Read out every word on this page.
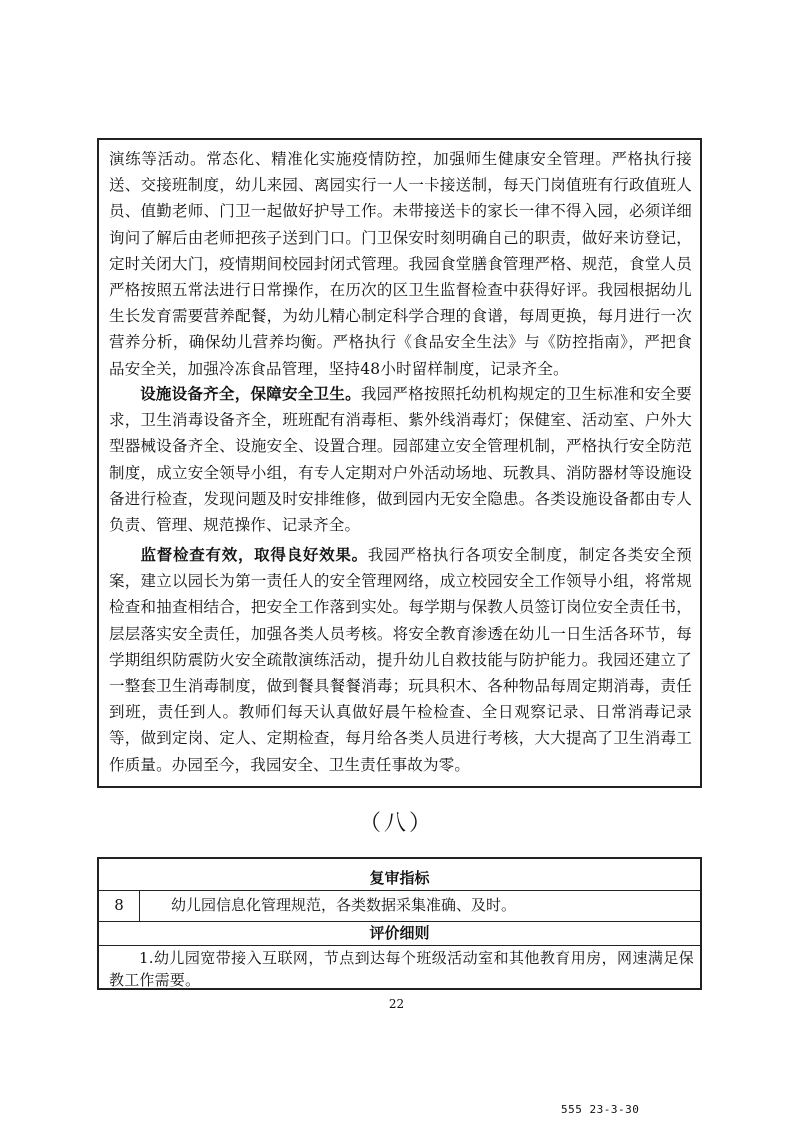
演练等活动。常态化、精准化实施疫情防控，加强师生健康安全管理。严格执行接送、交接班制度，幼儿来园、离园实行一人一卡接送制，每天门岗值班有行政值班人员、值勤老师、门卫一起做好护导工作。未带接送卡的家长一律不得入园，必须详细询问了解后由老师把孩子送到门口。门卫保安时刻明确自己的职责，做好来访登记，定时关闭大门，疫情期间校园封闭式管理。我园食堂膳食管理严格、规范，食堂人员严格按照五常法进行日常操作，在历次的区卫生监督检查中获得好评。我园根据幼儿生长发育需要营养配餐，为幼儿精心制定科学合理的食谱，每周更换，每月进行一次营养分析，确保幼儿营养均衡。严格执行《食品安全生法》与《防控指南》，严把食品安全关，加强冷冻食品管理，坚持48小时留样制度，记录齐全。

设施设备齐全，保障安全卫生。我园严格按照托幼机构规定的卫生标准和安全要求，卫生消毒设备齐全，班班配有消毒柜、紫外线消毒灯；保健室、活动室、户外大型器械设备齐全、设施安全、设置合理。园部建立安全管理机制，严格执行安全防范制度，成立安全领导小组，有专人定期对户外活动场地、玩教具、消防器材等设施设备进行检查，发现问题及时安排维修，做到园内无安全隐患。各类设施设备都由专人负责、管理、规范操作、记录齐全。

监督检查有效，取得良好效果。我园严格执行各项安全制度，制定各类安全预案，建立以园长为第一责任人的安全管理网络，成立校园安全工作领导小组，将常规检查和抽查相结合，把安全工作落到实处。每学期与保教人员签订岗位安全责任书，层层落实安全责任，加强各类人员考核。将安全教育渗透在幼儿一日生活各环节，每学期组织防震防火安全疏散演练活动，提升幼儿自救技能与防护能力。我园还建立了一整套卫生消毒制度，做到餐具餐餐消毒；玩具积木、各种物品每周定期消毒，责任到班，责任到人。教师们每天认真做好晨午检检查、全日观察记录、日常消毒记录等，做到定岗、定人、定期检查，每月给各类人员进行考核，大大提高了卫生消毒工作质量。办园至今，我园安全、卫生责任事故为零。

（八）
复审指标
8	幼儿园信息化管理规范，各类数据采集准确、及时。
评价细则
1.幼儿园宽带接入互联网，节点到达每个班级活动室和其他教育用房，网速满足保教工作需要。
22
555 23-3-30
